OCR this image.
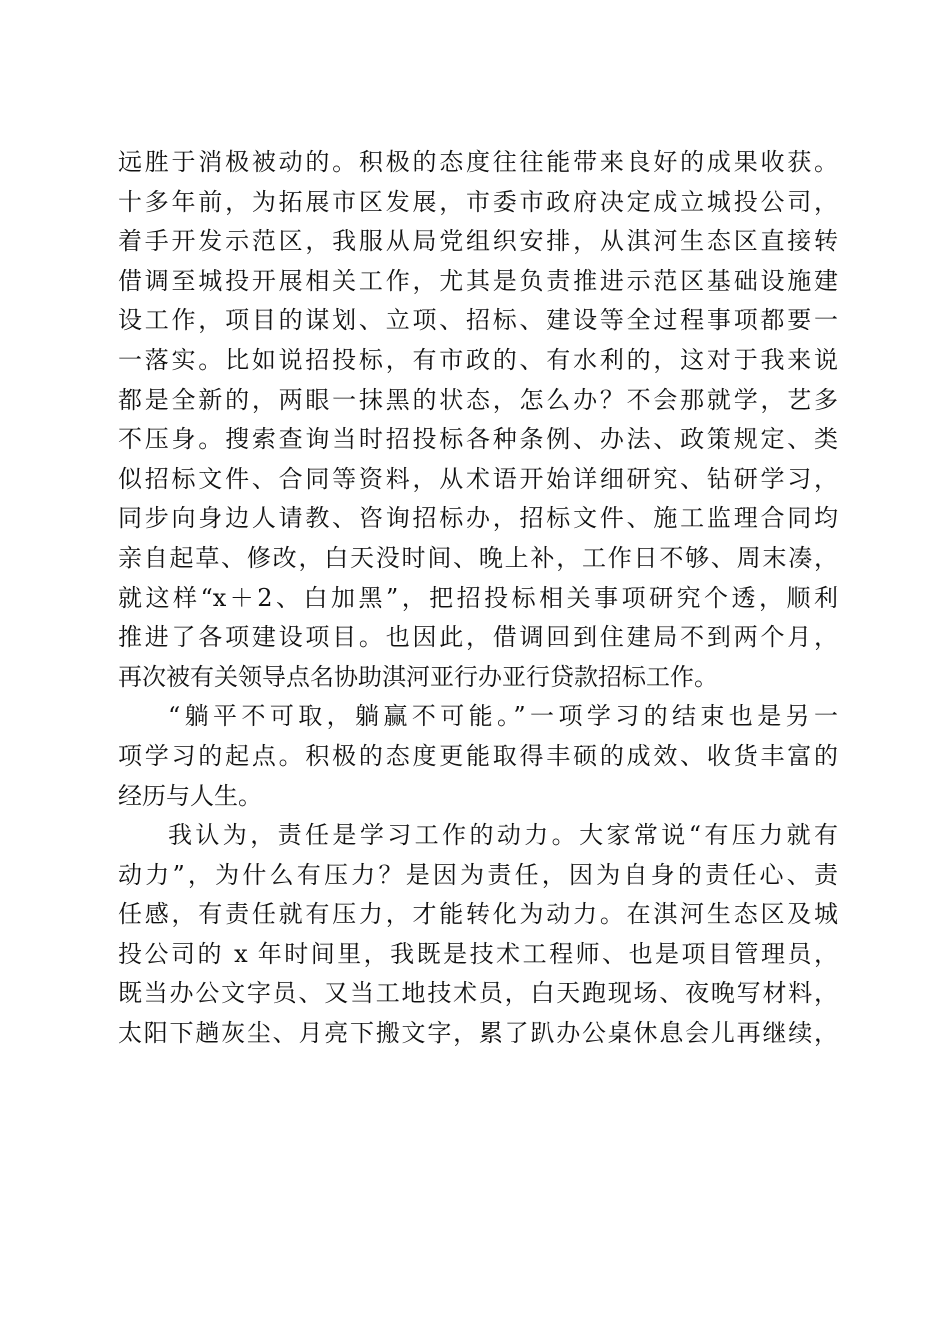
远胜于消极被动的。积极的态度往往能带来良好的成果收获。
十多年前，为拓展市区发展，市委市政府决定成立城投公司，
着手开发示范区，我服从局党组织安排，从淇河生态区直接转
借调至城投开展相关工作，尤其是负责推进示范区基础设施建
设工作，项目的谋划、立项、招标、建设等全过程事项都要一
一落实。比如说招投标，有市政的、有水利的，这对于我来说
都是全新的，两眼一抹黑的状态，怎么办？不会那就学，艺多
不压身。搜索查询当时招投标各种条例、办法、政策规定、类
似招标文件、合同等资料，从术语开始详细研究、钻研学习，
同步向身边人请教、咨询招标办，招标文件、施工监理合同均
亲自起草、修改，白天没时间、晚上补，工作日不够、周末凑，
就这样“x＋2、白加黑”，把招投标相关事项研究个透，顺利
推进了各项建设项目。也因此，借调回到住建局不到两个月，
再次被有关领导点名协助淇河亚行办亚行贷款招标工作。
“躺平不可取，躺赢不可能。”一项学习的结束也是另一
项学习的起点。积极的态度更能取得丰硕的成效、收货丰富的
经历与人生。
我认为，责任是学习工作的动力。大家常说“有压力就有
动力”，为什么有压力？是因为责任，因为自身的责任心、责
任感，有责任就有压力，才能转化为动力。在淇河生态区及城
投公司的 x 年时间里，我既是技术工程师、也是项目管理员，
既当办公文字员、又当工地技术员，白天跑现场、夜晚写材料，
太阳下趟灰尘、月亮下搬文字，累了趴办公桌休息会儿再继续，
